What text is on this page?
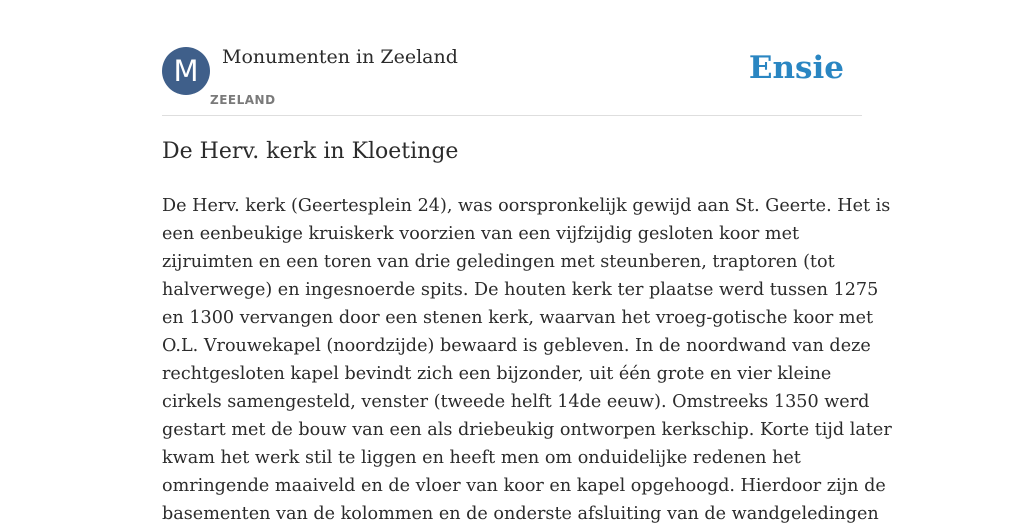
M	Monumenten in Zeeland
ZEELAND
Ensie
De Herv. kerk in Kloetinge

De Herv. kerk (Geertesplein 24), was oorspronkelijk gewijd aan St. Geerte. Het is
een eenbeukige kruiskerk voorzien van een vijfzijdig gesloten koor met
zijruimten en een toren van drie geledingen met steunberen, traptoren (tot
halverwege) en ingesnoerde spits. De houten kerk ter plaatse werd tussen 1275
en 1300 vervangen door een stenen kerk, waarvan het vroeg-gotische koor met
O.L. Vrouwekapel (noordzijde) bewaard is gebleven. In de noordwand van deze
rechtgesloten kapel bevindt zich een bijzonder, uit één grote en vier kleine
cirkels samengesteld, venster (tweede helft 14de eeuw). Omstreeks 1350 werd
gestart met de bouw van een als driebeukig ontworpen kerkschip. Korte tijd later
kwam het werk stil te liggen en heeft men om onduidelijke redenen het
omringende maaiveld en de vloer van koor en kapel opgehoogd. Hierdoor zijn de
basementen van de kolommen en de onderste afsluiting van de wandgeledingen
